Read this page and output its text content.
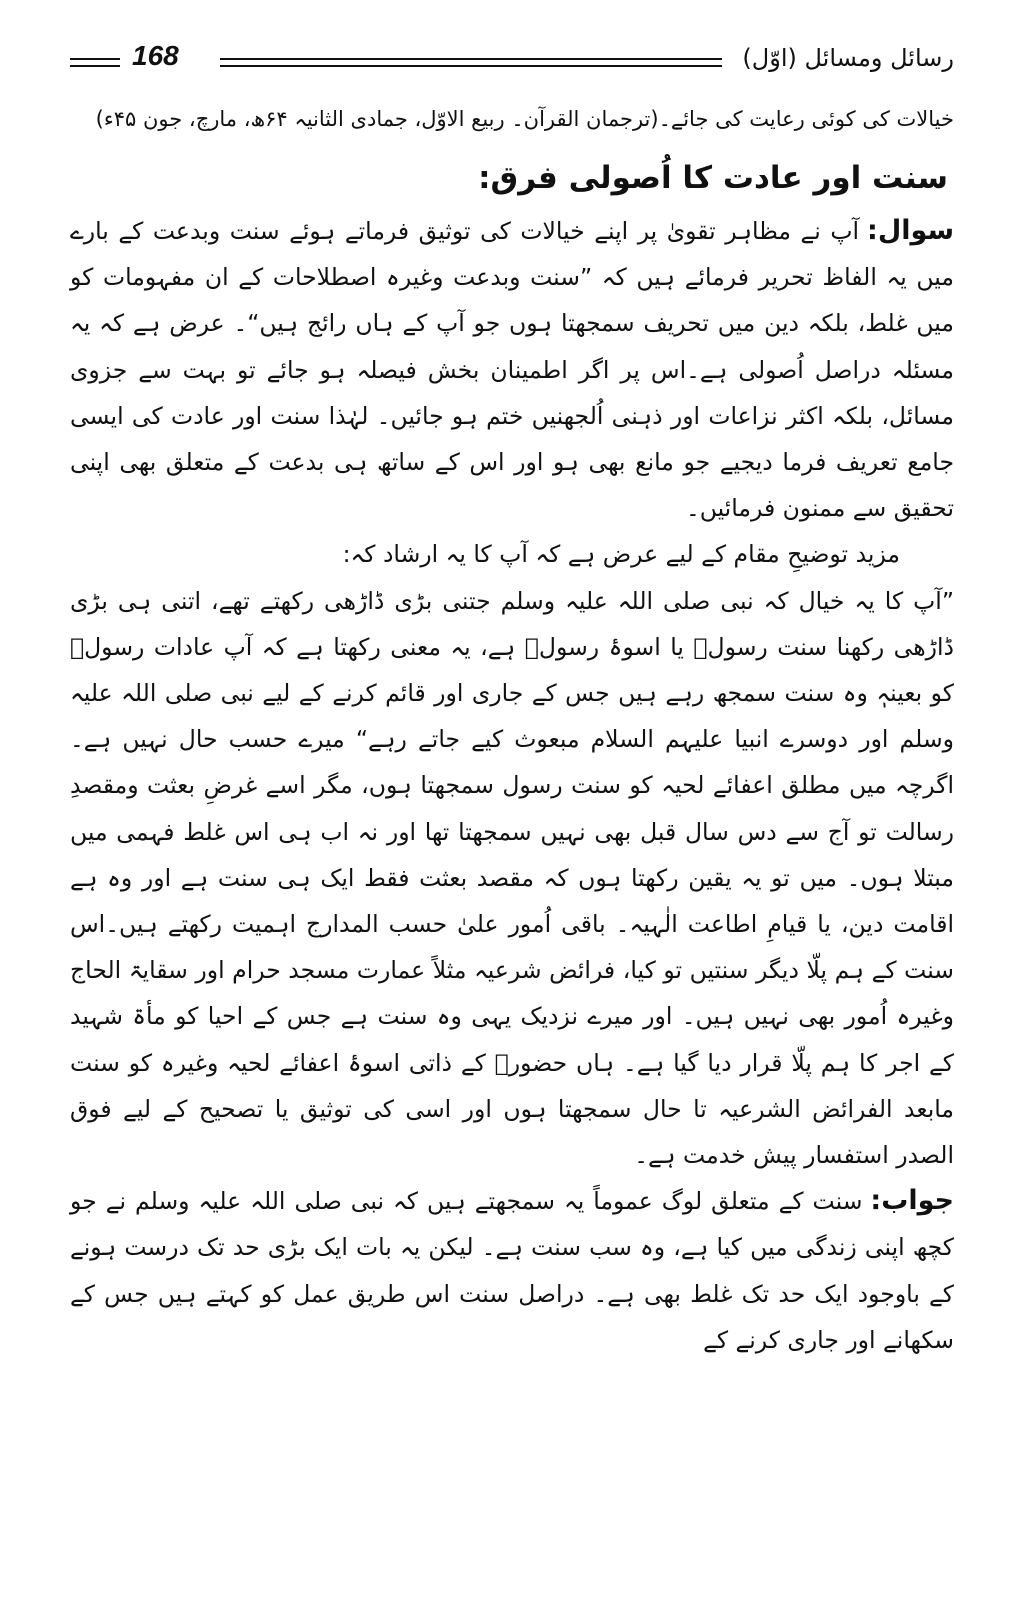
168	رسائل ومسائل (اوّل)
خیالات کی کوئی رعایت کی جائے۔(ترجمان القرآن۔ ربیع الاوّل، جمادی الثانیہ ۶۴ھ، مارچ، جون ۴۵ء)
سنت اور عادت کا اُصولی فرق:

سوال:آپ نے مظاہر تقویٰ پر اپنے خیالات کی توثیق فرماتے ہوئے سنت وبدعت کے بارے میں یہ الفاظ تحریر فرمائے ہیں کہ ”سنت وبدعت وغیرہ اصطلاحات کے ان مفہومات کو میں غلط، بلکہ دین میں تحریف سمجھتا ہوں جو آپ کے ہاں رائج ہیں“۔ عرض ہے کہ یہ مسئلہ دراصل اُصولی ہے۔اس پر اگر اطمینان بخش فیصلہ ہو جائے تو بہت سے جزوی مسائل، بلکہ اکثر نزاعات اور ذہنی اُلجھنیں ختم ہو جائیں۔ لہٰذا سنت اور عادت کی ایسی جامع تعریف فرما دیجیے جو مانع بھی ہو اور اس کے ساتھ ہی بدعت کے متعلق بھی اپنی تحقیق سے ممنون فرمائیں۔

مزید توضیحِ مقام کے لیے عرض ہے کہ آپ کا یہ ارشاد کہ:

”آپ کا یہ خیال کہ نبی صلی اللہ علیہ وسلم جتنی بڑی ڈاڑھی رکھتے تھے، اتنی ہی بڑی ڈاڑھی رکھنا سنت رسولؐ یا اسوۂ رسولؐ ہے، یہ معنی رکھتا ہے کہ آپ عادات رسولؐ کو بعینہٖ وہ سنت سمجھ رہے ہیں جس کے جاری اور قائم کرنے کے لیے نبی صلی اللہ علیہ وسلم اور دوسرے انبیا علیہم السلام مبعوث کیے جاتے رہے“ میرے حسب حال نہیں ہے۔ اگرچہ میں مطلق اعفائے لحیہ کو سنت رسول سمجھتا ہوں، مگر اسے غرضِ بعثت ومقصدِ رسالت تو آج سے دس سال قبل بھی نہیں سمجھتا تھا اور نہ اب ہی اس غلط فہمی میں مبتلا ہوں۔ میں تو یہ یقین رکھتا ہوں کہ مقصد بعثت فقط ایک ہی سنت ہے اور وہ ہے اقامت دین، یا قیامِ اطاعت الٰہیہ۔ باقی اُمور علیٰ حسب المدارج اہمیت رکھتے ہیں۔اس سنت کے ہم پلّا دیگر سنتیں تو کیا، فرائض شرعیہ مثلاً عمارت مسجد حرام اور سقایۃ الحاج وغیرہ اُمور بھی نہیں ہیں۔ اور میرے نزدیک یہی وہ سنت ہے جس کے احیا کو مأۃ شہید کے اجر کا ہم پلّا قرار دیا گیا ہے۔ ہاں حضورؐ کے ذاتی اسوۂ اعفائے لحیہ وغیرہ کو سنت مابعد الفرائض الشرعیہ تا حال سمجھتا ہوں اور اسی کی توثیق یا تصحیح کے لیے فوق الصدر استفسار پیش خدمت ہے۔

جواب:سنت کے متعلق لوگ عموماً یہ سمجھتے ہیں کہ نبی صلی اللہ علیہ وسلم نے جو کچھ اپنی زندگی میں کیا ہے، وہ سب سنت ہے۔ لیکن یہ بات ایک بڑی حد تک درست ہونے کے باوجود ایک حد تک غلط بھی ہے۔ دراصل سنت اس طریق عمل کو کہتے ہیں جس کے سکھانے اور جاری کرنے کے
